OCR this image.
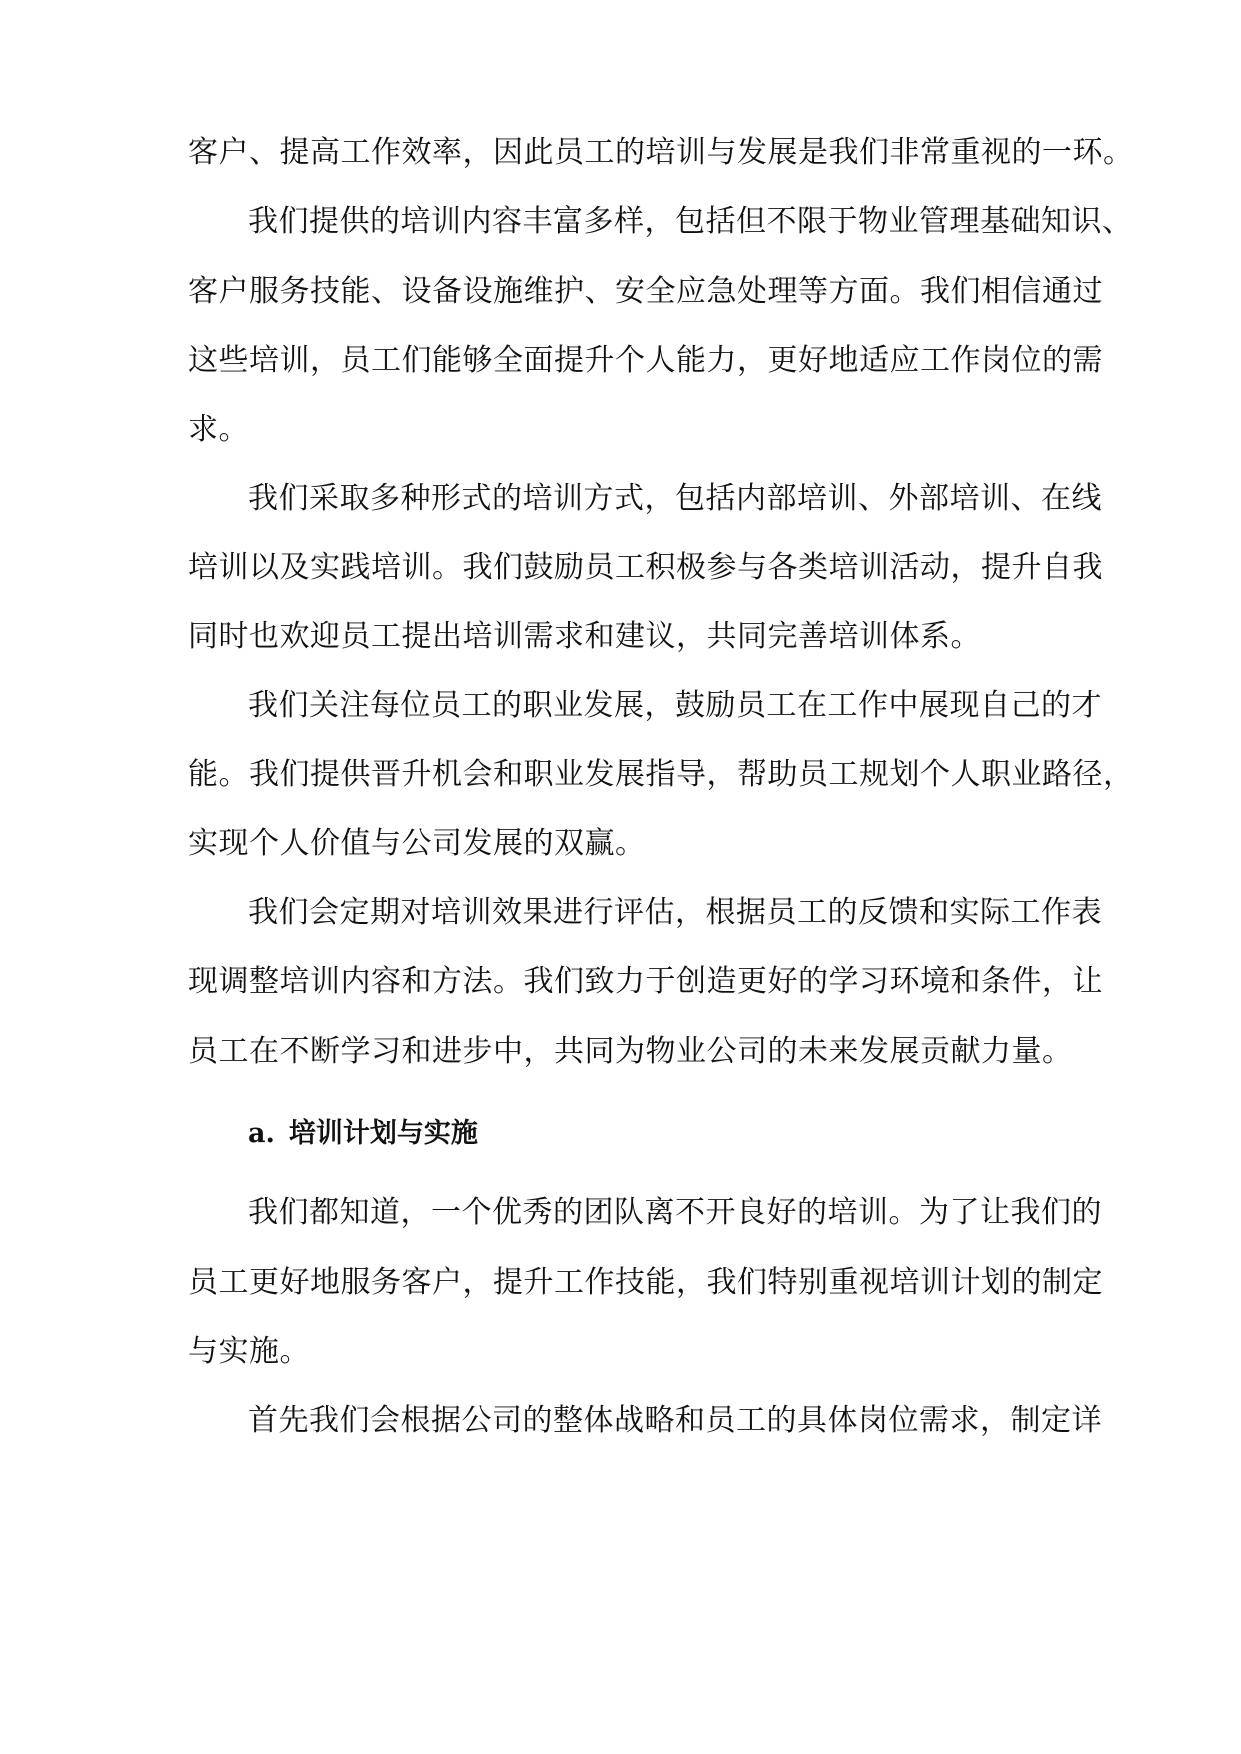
客户、提高工作效率，因此员工的培训与发展是我们非常重视的一环。
我们提供的培训内容丰富多样，包括但不限于物业管理基础知识、
客户服务技能、设备设施维护、安全应急处理等方面。我们相信通过
这些培训，员工们能够全面提升个人能力，更好地适应工作岗位的需
求。
我们采取多种形式的培训方式，包括内部培训、外部培训、在线
培训以及实践培训。我们鼓励员工积极参与各类培训活动，提升自我
同时也欢迎员工提出培训需求和建议，共同完善培训体系。
我们关注每位员工的职业发展，鼓励员工在工作中展现自己的才
能。我们提供晋升机会和职业发展指导，帮助员工规划个人职业路径，
实现个人价值与公司发展的双赢。
我们会定期对培训效果进行评估，根据员工的反馈和实际工作表
现调整培训内容和方法。我们致力于创造更好的学习环境和条件，让
员工在不断学习和进步中，共同为物业公司的未来发展贡献力量。
a. 培训计划与实施
我们都知道，一个优秀的团队离不开良好的培训。为了让我们的
员工更好地服务客户，提升工作技能，我们特别重视培训计划的制定
与实施。
首先我们会根据公司的整体战略和员工的具体岗位需求，制定详
